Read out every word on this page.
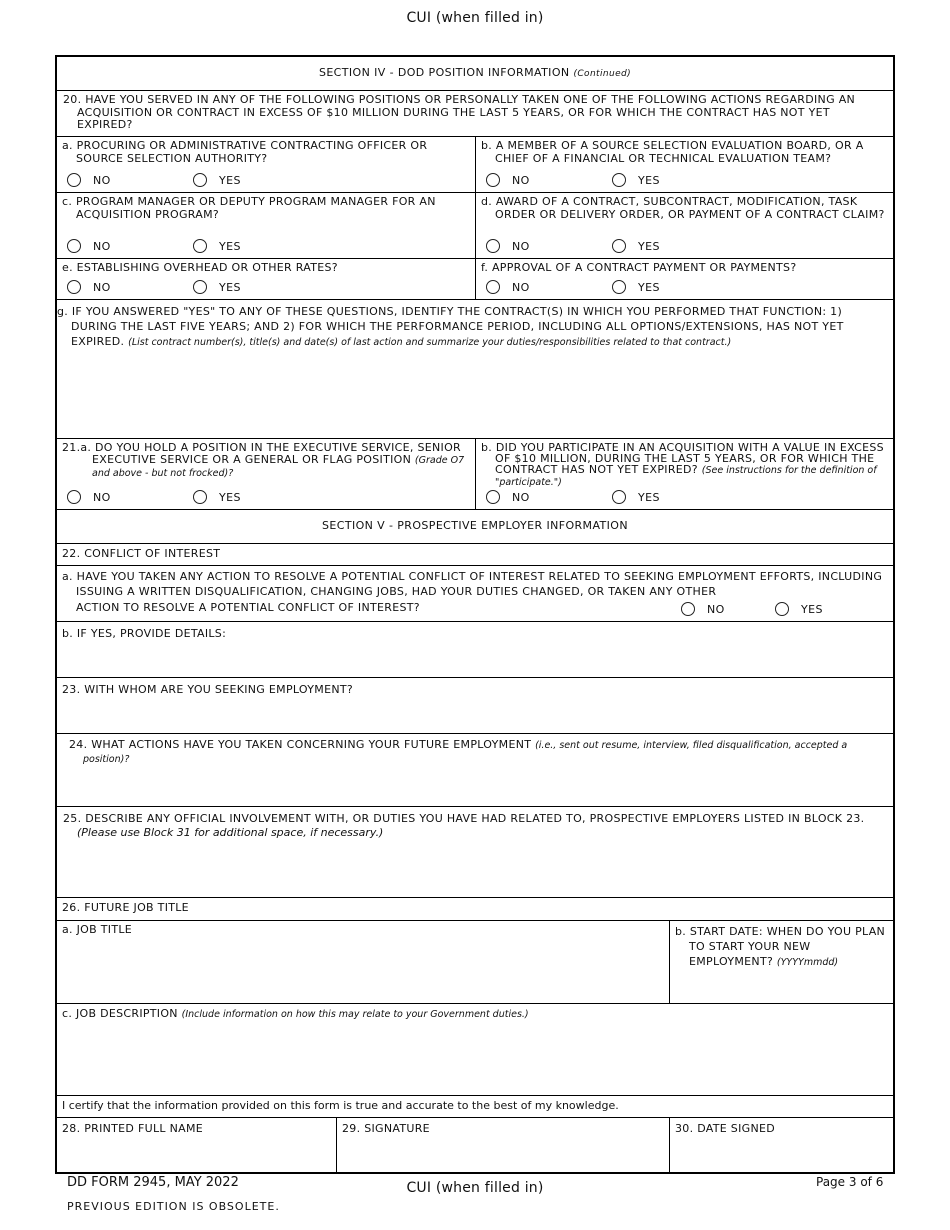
CUI (when filled in)
SECTION IV - DOD POSITION INFORMATION (Continued)
20. HAVE YOU SERVED IN ANY OF THE FOLLOWING POSITIONS OR PERSONALLY TAKEN ONE OF THE FOLLOWING ACTIONS REGARDING AN ACQUISITION OR CONTRACT IN EXCESS OF $10 MILLION DURING THE LAST 5 YEARS, OR FOR WHICH THE CONTRACT HAS NOT YET EXPIRED?
a. PROCURING OR ADMINISTRATIVE CONTRACTING OFFICER OR SOURCE SELECTION AUTHORITY?
NO	YES
b. A MEMBER OF A SOURCE SELECTION EVALUATION BOARD, OR A CHIEF OF A FINANCIAL OR TECHNICAL EVALUATION TEAM?
NO	YES
c. PROGRAM MANAGER OR DEPUTY PROGRAM MANAGER FOR AN ACQUISITION PROGRAM?
NO	YES
d. AWARD OF A CONTRACT, SUBCONTRACT, MODIFICATION, TASK ORDER OR DELIVERY ORDER, OR PAYMENT OF A CONTRACT CLAIM?
NO	YES
e. ESTABLISHING OVERHEAD OR OTHER RATES?
NO	YES
f. APPROVAL OF A CONTRACT PAYMENT OR PAYMENTS?
NO	YES
g. IF YOU ANSWERED "YES" TO ANY OF THESE QUESTIONS, IDENTIFY THE CONTRACT(S) IN WHICH YOU PERFORMED THAT FUNCTION: 1) DURING THE LAST FIVE YEARS; AND 2) FOR WHICH THE PERFORMANCE PERIOD, INCLUDING ALL OPTIONS/EXTENSIONS, HAS NOT YET EXPIRED. (List contract number(s), title(s) and date(s) of last action and summarize your duties/responsibilities related to that contract.)
21.a. DO YOU HOLD A POSITION IN THE EXECUTIVE SERVICE, SENIOR EXECUTIVE SERVICE OR A GENERAL OR FLAG POSITION (Grade O7 and above - but not frocked)?
NO	YES
b. DID YOU PARTICIPATE IN AN ACQUISITION WITH A VALUE IN EXCESS OF $10 MILLION, DURING THE LAST 5 YEARS, OR FOR WHICH THE CONTRACT HAS NOT YET EXPIRED? (See instructions for the definition of "participate.")
NO	YES
SECTION V - PROSPECTIVE EMPLOYER INFORMATION
22. CONFLICT OF INTEREST
a. HAVE YOU TAKEN ANY ACTION TO RESOLVE A POTENTIAL CONFLICT OF INTEREST RELATED TO SEEKING EMPLOYMENT EFFORTS, INCLUDING ISSUING A WRITTEN DISQUALIFICATION, CHANGING JOBS, HAD YOUR DUTIES CHANGED, OR TAKEN ANY OTHER
ACTION TO RESOLVE A POTENTIAL CONFLICT OF INTEREST?	NO	YES
b. IF YES, PROVIDE DETAILS:
23. WITH WHOM ARE YOU SEEKING EMPLOYMENT?
24. WHAT ACTIONS HAVE YOU TAKEN CONCERNING YOUR FUTURE EMPLOYMENT (i.e., sent out resume, interview, filed disqualification, accepted a position)?
25. DESCRIBE ANY OFFICIAL INVOLVEMENT WITH, OR DUTIES YOU HAVE HAD RELATED TO, PROSPECTIVE EMPLOYERS LISTED IN BLOCK 23. (Please use Block 31 for additional space, if necessary.)
26. FUTURE JOB TITLE
a. JOB TITLE	b. START DATE: WHEN DO YOU PLAN TO START YOUR NEW EMPLOYMENT? (YYYYmmdd)
c. JOB DESCRIPTION (Include information on how this may relate to your Government duties.)
I certify that the information provided on this form is true and accurate to the best of my knowledge.
28. PRINTED FULL NAME	29. SIGNATURE	30. DATE SIGNED
DD FORM 2945, MAY 2022
PREVIOUS EDITION IS OBSOLETE.
CUI (when filled in)	Page 3 of 6
